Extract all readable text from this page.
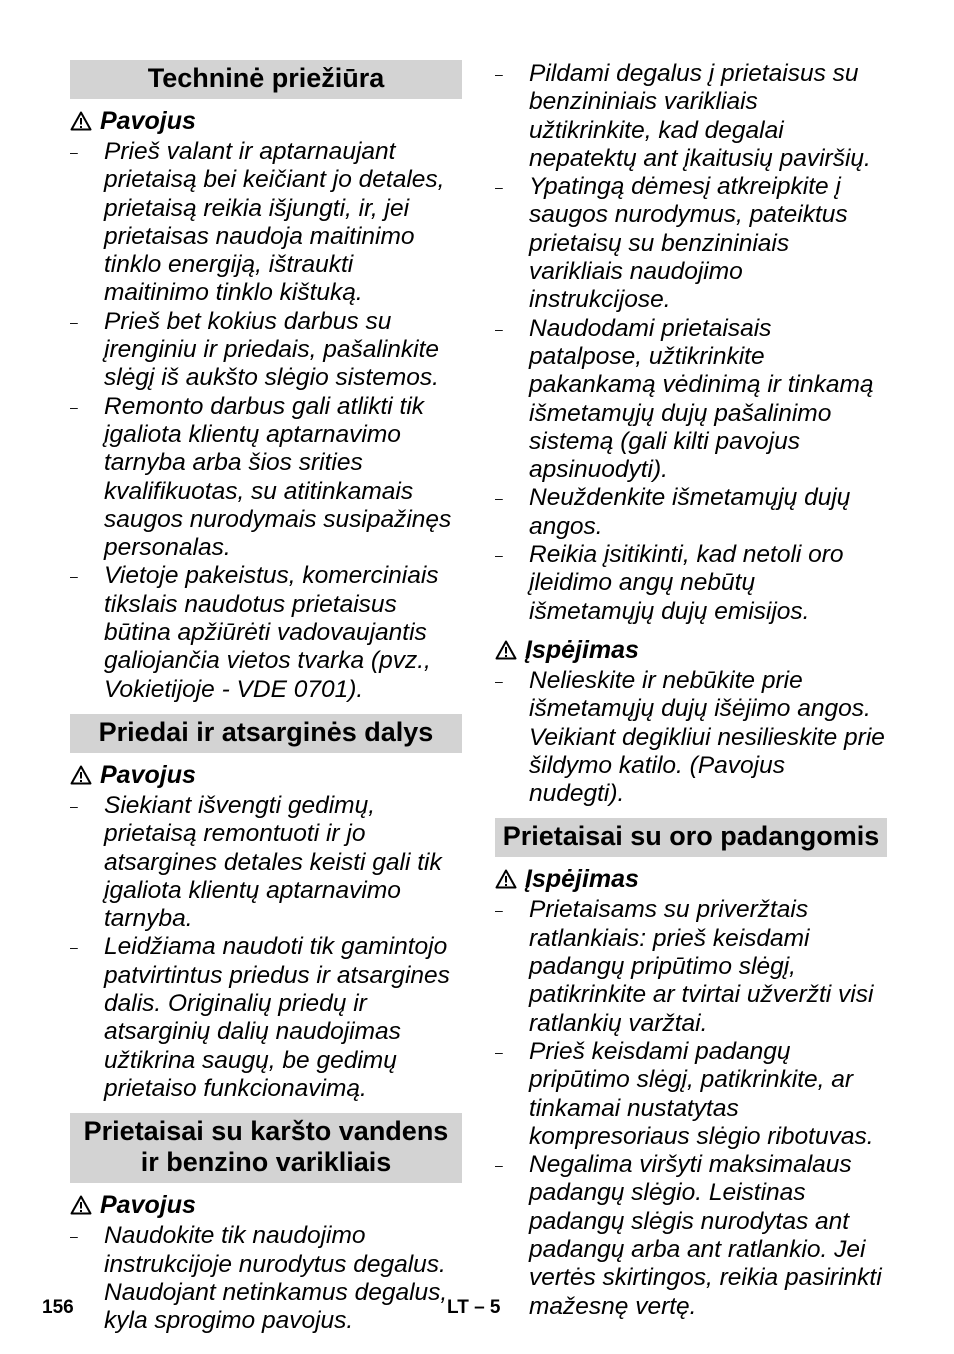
Techninė priežiūra
Pavojus
– Prieš valant ir aptarnaujant prietaisą bei keičiant jo detales, prietaisą reikia išjungti, ir, jei prietaisas naudoja maitinimo tinklo energiją, ištraukti maitinimo tinklo kištuką.
– Prieš bet kokius darbus su įrenginiu ir priedais, pašalinkite slėgį iš aukšto slėgio sistemos.
– Remonto darbus gali atlikti tik įgaliota klientų aptarnavimo tarnyba arba šios srities kvalifikuotas, su atitinkamais saugos nurodymais susipažinęs personalas.
– Vietoje pakeistus, komerciniais tikslais naudotus prietaisus būtina apžiūrėti vadovaujantis galiojančia vietos tvarka (pvz., Vokietijoje - VDE 0701).
Priedai ir atsarginės dalys
Pavojus
– Siekiant išvengti gedimų, prietaisą remontuoti ir jo atsargines detales keisti gali tik įgaliota klientų aptarnavimo tarnyba.
– Leidžiama naudoti tik gamintojo patvirtintus priedus ir atsargines dalis. Originalių priedų ir atsarginių dalių naudojimas užtikrina saugų, be gedimų prietaiso funkcionavimą.
Prietaisai su karšto vandens ir benzino varikliais
Pavojus
– Naudokite tik naudojimo instrukcijoje nurodytus degalus. Naudojant netinkamus degalus, kyla sprogimo pavojus.
– Pildami degalus į prietaisus su benzininiais varikliais užtikrinkite, kad degalai nepatektų ant įkaitusių paviršių.
– Ypatingą dėmesį atkreipkite į saugos nurodymus, pateiktus prietaisų su benzininiais varikliais naudojimo instrukcijose.
– Naudodami prietaisais patalpose, užtikrinkite pakankamą vėdinimą ir tinkamą išmetamųjų dujų pašalinimo sistemą (gali kilti pavojus apsinuodyti).
– Neuždenkite išmetamųjų dujų angos.
– Reikia įsitikinti, kad netoli oro įleidimo angų nebūtų išmetamųjų dujų emisijos.
Įspėjimas
– Nelieskite ir nebūkite prie išmetamųjų dujų išėjimo angos. Veikiant degikliui nesilieskite prie šildymo katilo. (Pavojus nudegti).
Prietaisai su oro padangomis
Įspėjimas
– Prietaisams su priveržtais ratlankiais: prieš keisdami padangų pripūtimo slėgį, patikrinkite ar tvirtai užveržti visi ratlankių varžtai.
– Prieš keisdami padangų pripūtimo slėgį, patikrinkite, ar tinkamai nustatytas kompresoriaus slėgio ribotuvas.
– Negalima viršyti maksimalaus padangų slėgio. Leistinas padangų slėgis nurodytas ant padangų arba ant ratlankio. Jei vertės skirtingos, reikia pasirinkti mažesnę vertę.
156	LT – 5
